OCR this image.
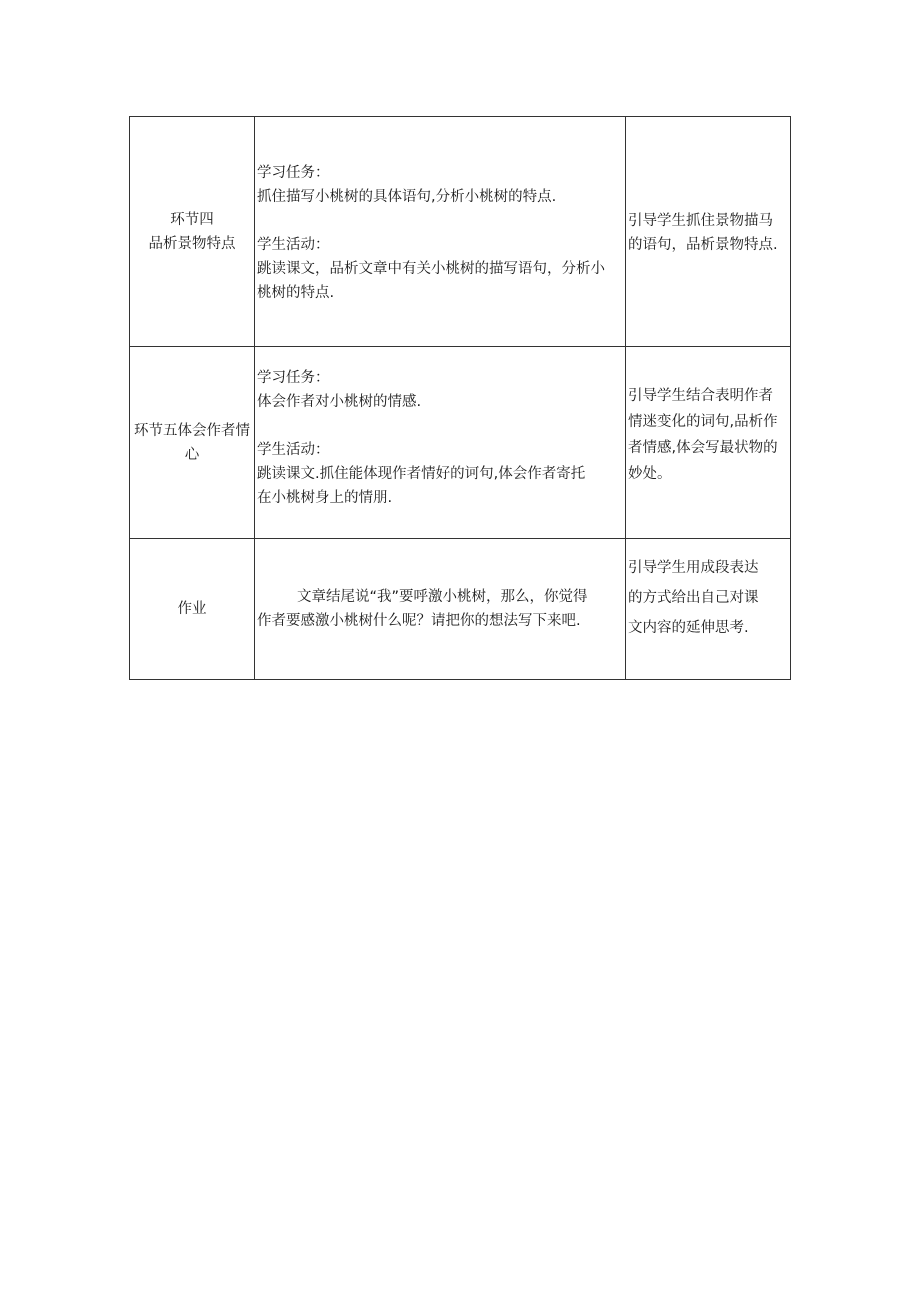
环节四
品析景物特点	学习任务：
抓住描写小桃树的具体语句,分析小桃树的特点.
学生活动：
跳读课文，品析文章中有关小桃树的描写语句，分析小
桃树的特点.	引导学生抓住景物描马
的语句，品析景物特点.

环节五体会作者情
心	学习任务：
体会作者对小桃树的情感.
学生活动：
跳读课文.抓住能体现作者情好的诃句,体会作者寄托
在小桃树身上的情朋.	引导学生结合表明作者
情迷变化的词句,品析作
者情感,体会写最状物的
妙处。

作业	文章结尾说“我”要呼激小桃树，那么，你觉得
作者要感激小桃树什么呢？请把你的想法写下来吧.	引导学生用成段表达
的方式给出自己对课
文内容的延伸思考.
